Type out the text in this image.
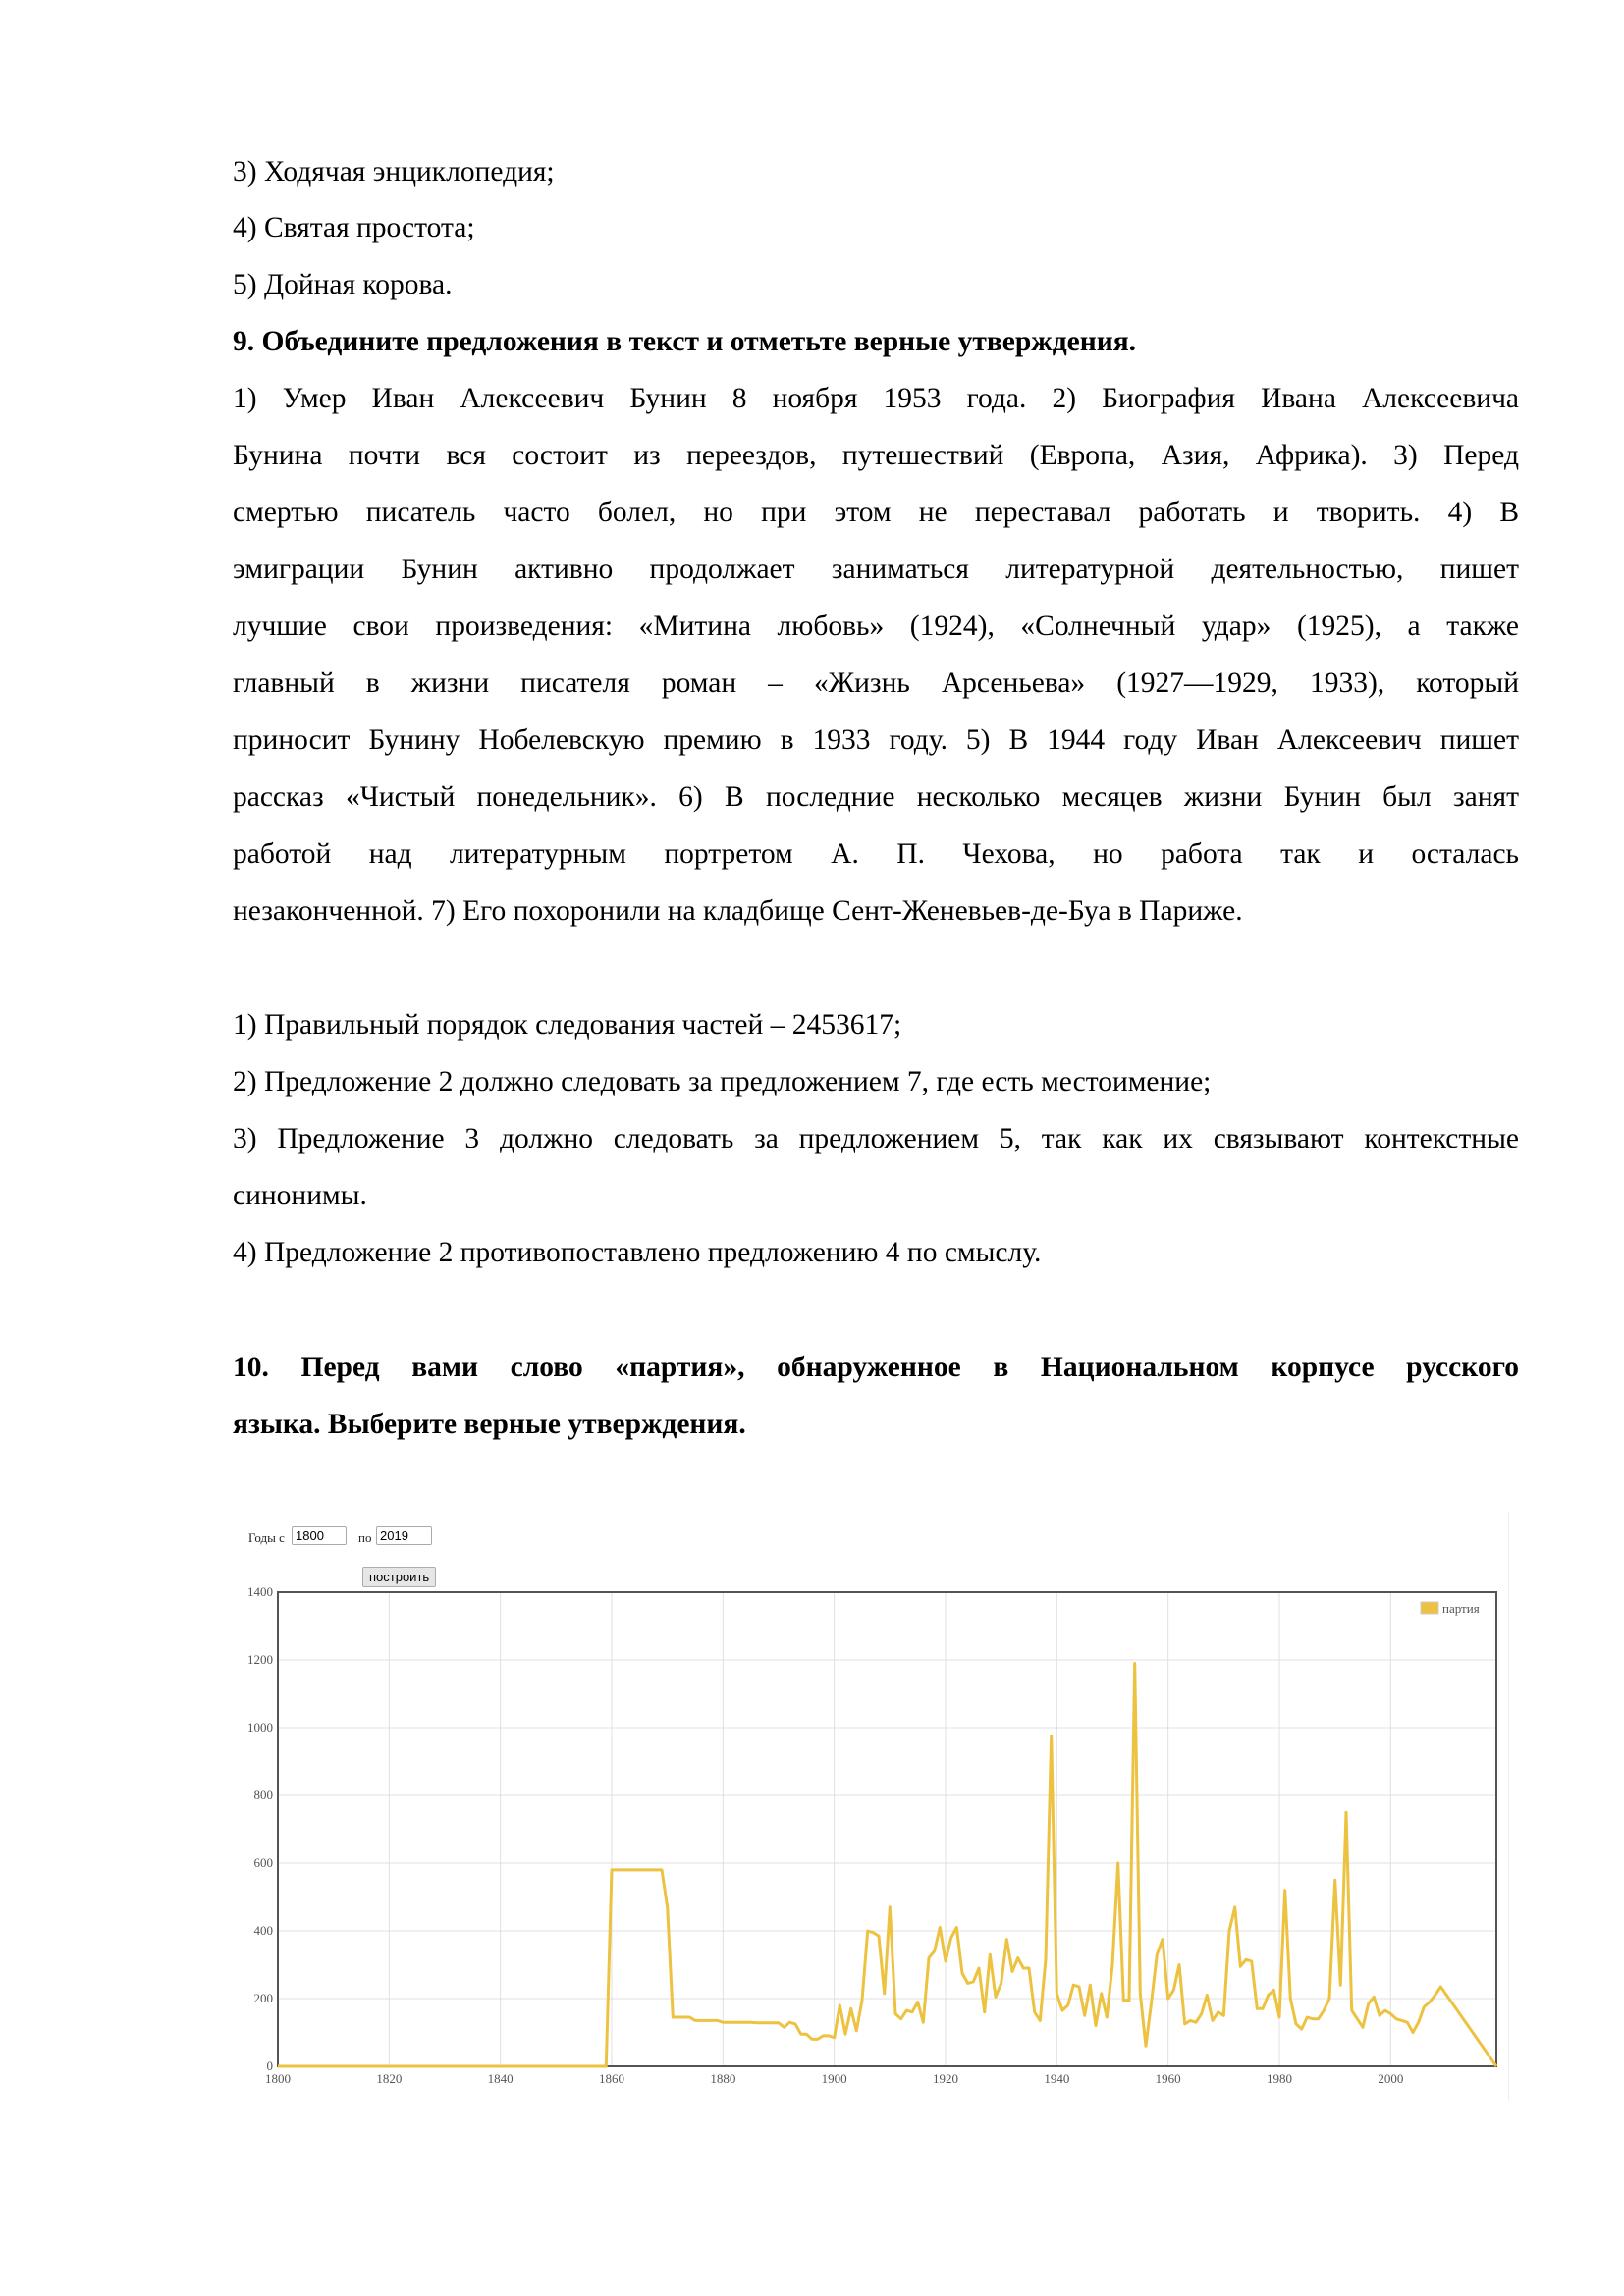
3) Ходячая энциклопедия;
4) Святая простота;
5) Дойная корова.
9. Объедините предложения в текст и отметьте верные утверждения.
1) Умер Иван Алексеевич Бунин 8 ноября 1953 года. 2) Биография Ивана Алексеевича
Бунина почти вся состоит из переездов, путешествий (Европа, Азия, Африка). 3) Перед
смертью писатель часто болел, но при этом не переставал работать и творить. 4) В
эмиграции Бунин активно продолжает заниматься литературной деятельностью, пишет
лучшие свои произведения: «Митина любовь» (1924), «Солнечный удар» (1925), а также
главный в жизни писателя роман – «Жизнь Арсеньева» (1927—1929, 1933), который
приносит Бунину Нобелевскую премию в 1933 году. 5) В 1944 году Иван Алексеевич пишет
рассказ «Чистый понедельник». 6) В последние несколько месяцев жизни Бунин был занят
работой над литературным портретом А. П. Чехова, но работа так и осталась
незаконченной. 7) Его похоронили на кладбище Сент-Женевьев-де-Буа в Париже.
1) Правильный порядок следования частей – 2453617;
2) Предложение 2 должно следовать за предложением 7, где есть местоимение;
3) Предложение 3 должно следовать за предложением 5, так как их связывают контекстные
синонимы.
4) Предложение 2 противопоставлено предложению 4 по смыслу.
10. Перед вами слово «партия», обнаруженное в Национальном корпусе русского
языка. Выберите верные утверждения.
Годы с 1800	по 2019
построить
1800	1820	1840	1860	1880	1900	1920	1940	1960	1980	2000
0
200
400
600
800
1000
1200
1400
партия
